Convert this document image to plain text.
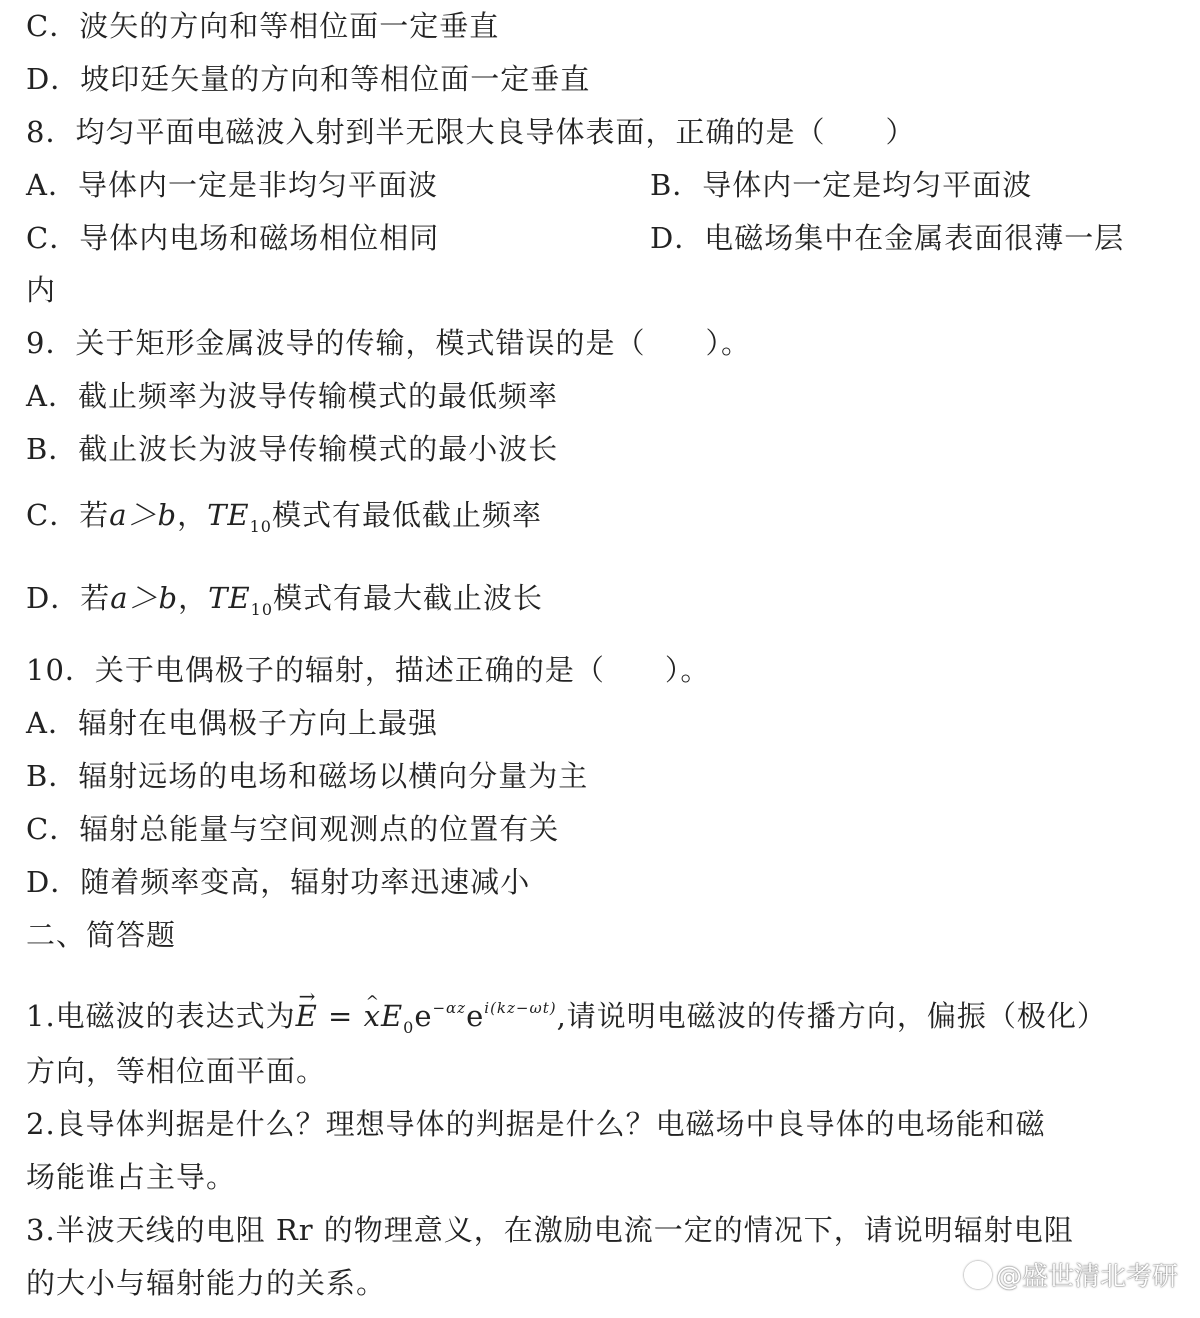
C．波矢的方向和等相位面一定垂直
D．坡印廷矢量的方向和等相位面一定垂直
8．均匀平面电磁波入射到半无限大良导体表面，正确的是（　　）
A．导体内一定是非均匀平面波	B．导体内一定是均匀平面波
C．导体内电场和磁场相位相同	D．电磁场集中在金属表面很薄一层
内
9．关于矩形金属波导的传输，模式错误的是（　　）。
A．截止频率为波导传输模式的最低频率
B．截止波长为波导传输模式的最小波长
C．若a＞b，$TE_{10}$模式有最低截止频率
D．若a＞b，$TE_{10}$模式有最大截止波长
10．关于电偶极子的辐射，描述正确的是（　　）。
A．辐射在电偶极子方向上最强
B．辐射远场的电场和磁场以横向分量为主
C．辐射总能量与空间观测点的位置有关
D．随着频率变高，辐射功率迅速减小
二、简答题
1.电磁波的表达式为→ E = ^ $xE_0e^{-\alpha z}e^{i(kz-\omega t)}$,请说明电磁波的传播方向，偏振（极化）
方向，等相位面平面。
2.良导体判据是什么？理想导体的判据是什么？电磁场中良导体的电场能和磁
场能谁占主导。
3.半波天线的电阻 Rr 的物理意义，在激励电流一定的情况下，请说明辐射电阻
的大小与辐射能力的关系。	@盛世清北考研
